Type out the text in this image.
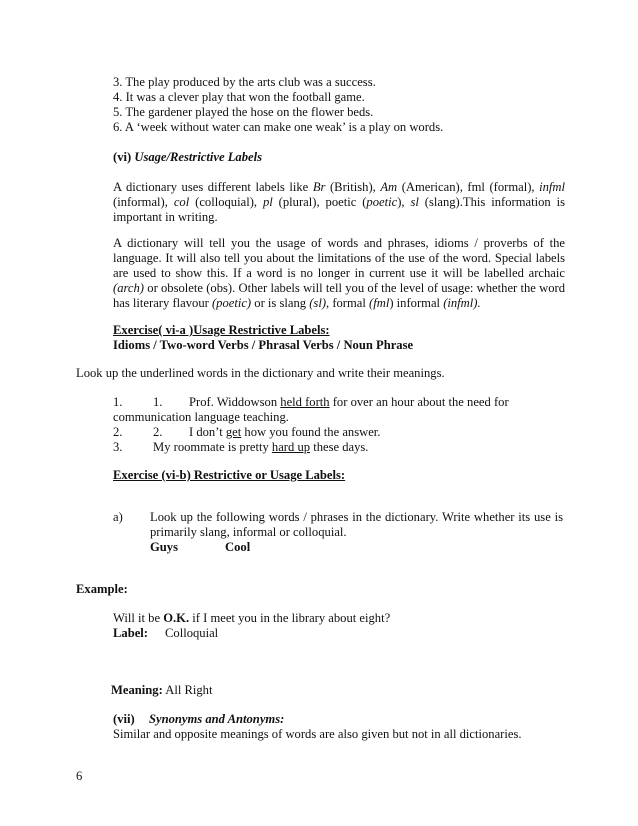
3. The play produced by the arts club was a success.
4. It was a clever play that won the football game.
5. The gardener played the hose on the flower beds.
6. A ‘week without water can make one weak’ is a play on words.
(vi) Usage/Restrictive Labels
A dictionary uses different labels like Br (British), Am (American), fml (formal), infml (informal), col (colloquial), pl (plural), poetic (poetic), sl (slang).This information is important in writing.
A dictionary will tell you the usage of words and phrases, idioms / proverbs of the language. It will also tell you about the limitations of the use of the word. Special labels are used to show this. If a word is no longer in current use it will be labelled archaic (arch) or obsolete (obs). Other labels will tell you of the level of usage: whether the word has literary flavour (poetic) or is slang (sl), formal (fml) informal (infml).
Exercise( vi-a )Usage Restrictive Labels:
Idioms / Two-word Verbs / Phrasal Verbs / Noun Phrase
Look up the underlined words in the dictionary and write their meanings.
1. 1. Prof. Widdowson held forth for over an hour about the need for
communication language teaching.
2. 2. I don’t get how you found the answer.
3. My roommate is pretty hard up these days.
Exercise (vi-b) Restrictive or Usage Labels:
a) Look up the following words / phrases in the dictionary. Write whether its use is primarily slang, informal or colloquial.
Guys	Cool
Example:
Will it be O.K. if I meet you in the library about eight?
Label: Colloquial
Meaning: All Right
(vii) Synonyms and Antonyms:
Similar and opposite meanings of words are also given but not in all dictionaries.
6
